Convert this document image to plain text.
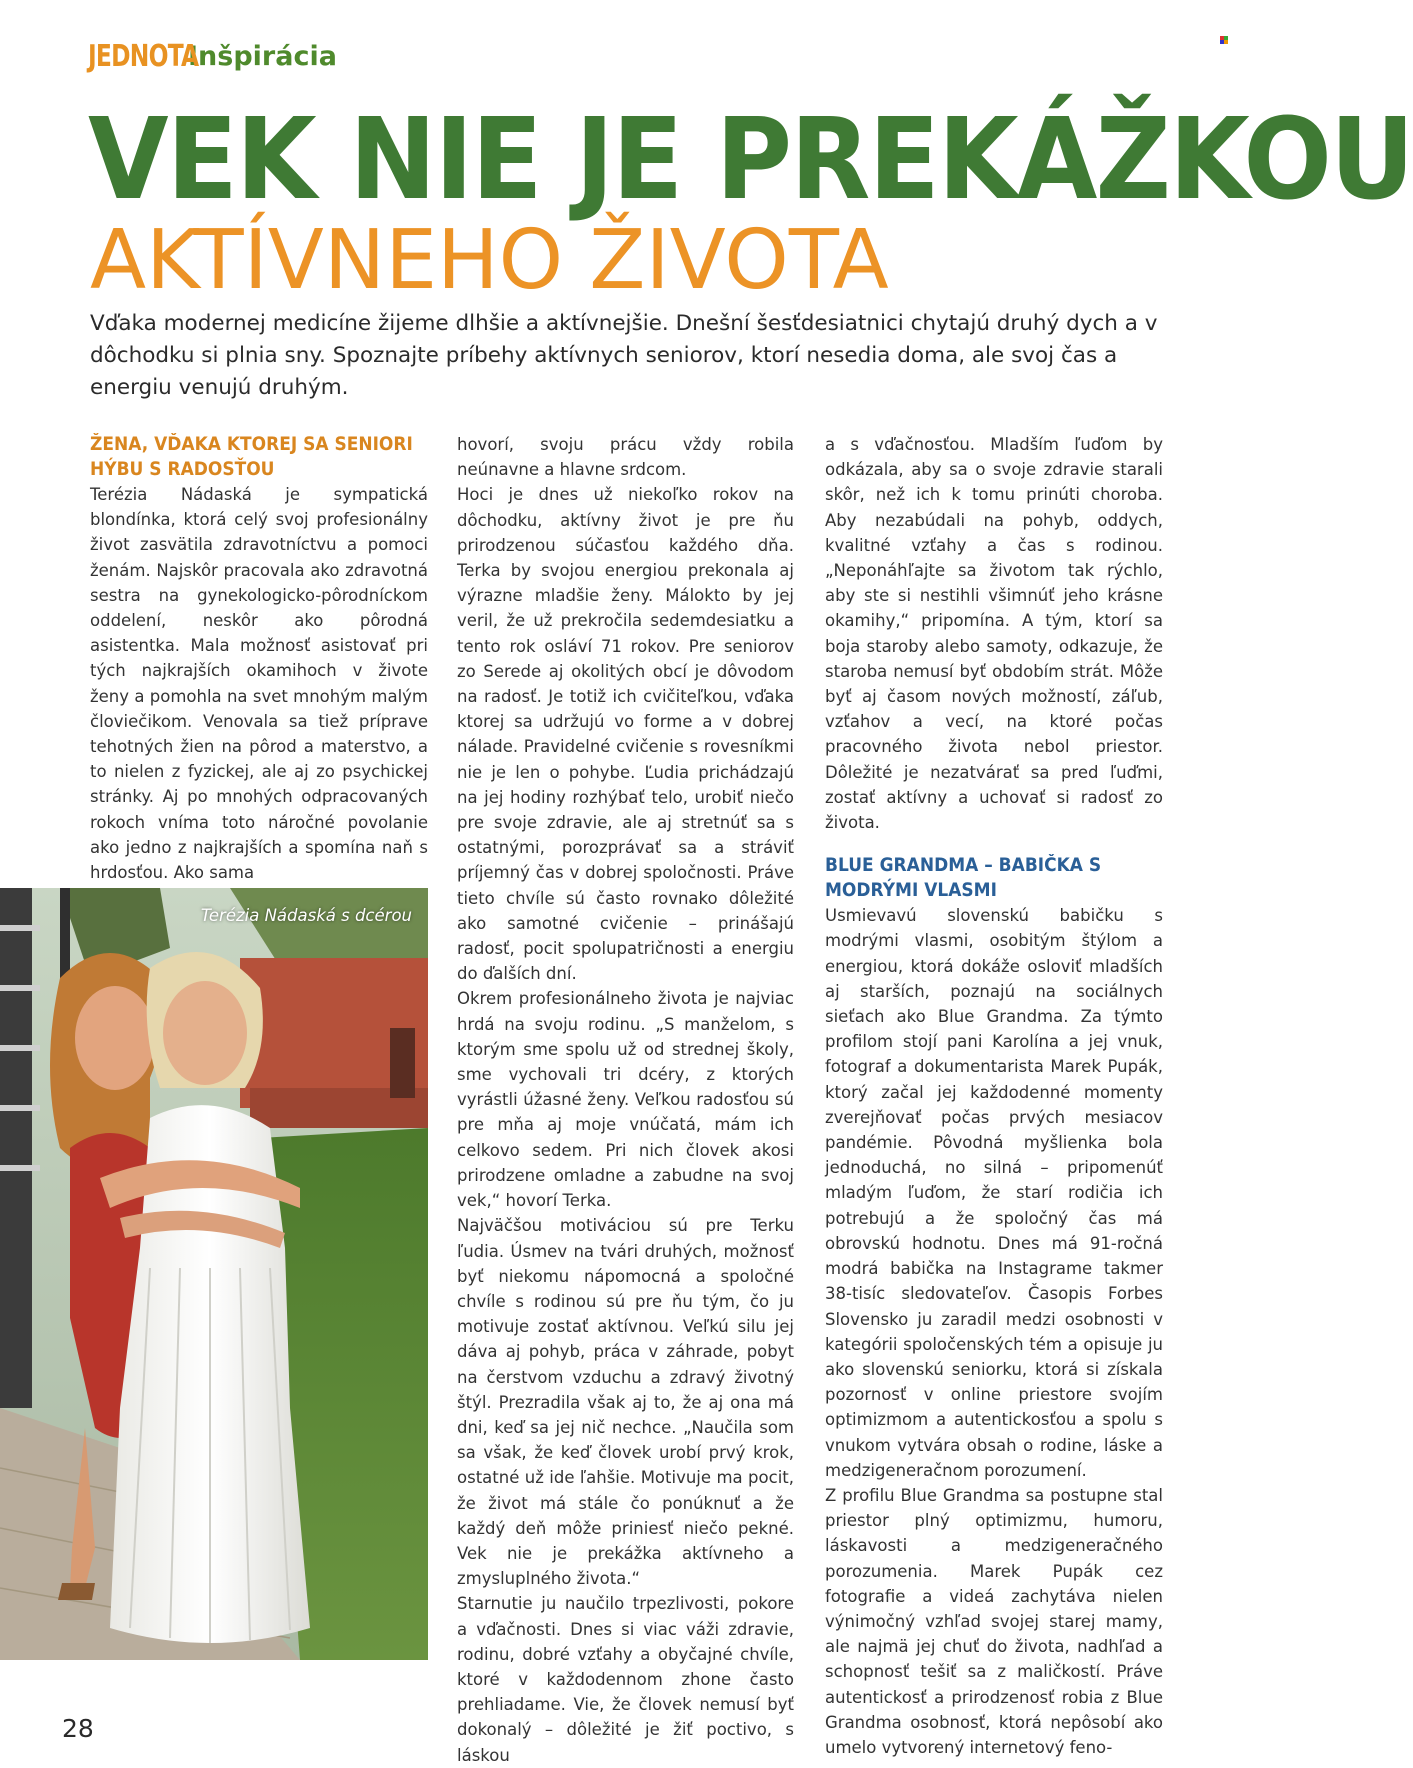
JEDNOTA
Inšpirácia
VEK NIE JE PREKÁŽKOU
AKTÍVNEHO ŽIVOTA

Vďaka modernej medicíne žijeme dlhšie a aktívnejšie. Dnešní šesťdesiatnici chytajú druhý dych a v dôchodku si plnia sny. Spoznajte príbehy aktívnych seniorov, ktorí nesedia doma, ale svoj čas a energiu venujú druhým.

ŽENA, VĎAKA KTOREJ SA SENIORI HÝBU S RADOSŤOU

Terézia Nádaská je sympatická blondínka, ktorá celý svoj profesionálny život zasvätila zdravotníctvu a pomoci ženám. Najskôr pracovala ako zdravotná sestra na gynekologicko-pôrodníckom oddelení, neskôr ako pôrodná asistentka. Mala možnosť asistovať pri tých najkrajších okamihoch v živote ženy a pomohla na svet mnohým malým človiečikom. Venovala sa tiež príprave tehotných žien na pôrod a materstvo, a to nielen z fyzickej, ale aj zo psychickej stránky. Aj po mnohých odpracovaných rokoch vníma toto náročné povolanie ako jedno z najkrajších a spomína naň s hrdosťou. Ako sama

Terézia Nádaská s dcérou

hovorí, svoju prácu vždy robila neúnavne a hlavne srdcom.

Hoci je dnes už niekoľko rokov na dôchodku, aktívny život je pre ňu prirodzenou súčasťou každého dňa. Terka by svojou energiou prekonala aj výrazne mladšie ženy. Málokto by jej veril, že už prekročila sedemdesiatku a tento rok osláví 71 rokov. Pre seniorov zo Serede aj okolitých obcí je dôvodom na radosť. Je totiž ich cvičiteľkou, vďaka ktorej sa udržujú vo forme a v dobrej nálade. Pravidelné cvičenie s rovesníkmi nie je len o pohybe. Ľudia prichádzajú na jej hodiny rozhýbať telo, urobiť niečo pre svoje zdravie, ale aj stretnúť sa s ostatnými, porozprávať sa a stráviť príjemný čas v dobrej spoločnosti. Práve tieto chvíle sú často rovnako dôležité ako samotné cvičenie – prinášajú radosť, pocit spolupatričnosti a energiu do ďalších dní.

Okrem profesionálneho života je najviac hrdá na svoju rodinu. „S manželom, s ktorým sme spolu už od strednej školy, sme vychovali tri dcéry, z ktorých vyrástli úžasné ženy. Veľkou radosťou sú pre mňa aj moje vnúčatá, mám ich celkovo sedem. Pri nich človek akosi prirodzene omladne a zabudne na svoj vek,“ hovorí Terka.

Najväčšou motiváciou sú pre Terku ľudia. Úsmev na tvári druhých, možnosť byť niekomu nápomocná a spoločné chvíle s rodinou sú pre ňu tým, čo ju motivuje zostať aktívnou. Veľkú silu jej dáva aj pohyb, práca v záhrade, pobyt na čerstvom vzduchu a zdravý životný štýl. Prezradila však aj to, že aj ona má dni, keď sa jej nič nechce. „Naučila som sa však, že keď človek urobí prvý krok, ostatné už ide ľahšie. Motivuje ma pocit, že život má stále čo ponúknuť a že každý deň môže priniesť niečo pekné. Vek nie je prekážka aktívneho a zmysluplného života.“

Starnutie ju naučilo trpezlivosti, pokore a vďačnosti. Dnes si viac váži zdravie, rodinu, dobré vzťahy a obyčajné chvíle, ktoré v každodennom zhone často prehliadame. Vie, že človek nemusí byť dokonalý – dôležité je žiť poctivo, s láskou

a s vďačnosťou. Mladším ľuďom by odkázala, aby sa o svoje zdravie starali skôr, než ich k tomu prinúti choroba. Aby nezabúdali na pohyb, oddych, kvalitné vzťahy a čas s rodinou. „Neponáhľajte sa životom tak rýchlo, aby ste si nestihli všimnúť jeho krásne okamihy,“ pripomína. A tým, ktorí sa boja staroby alebo samoty, odkazuje, že staroba nemusí byť obdobím strát. Môže byť aj časom nových možností, záľub, vzťahov a vecí, na ktoré počas pracovného života nebol priestor. Dôležité je nezatvárať sa pred ľuďmi, zostať aktívny a uchovať si radosť zo života.

BLUE GRANDMA – BABIČKA S MODRÝMI VLASMI

Usmievavú slovenskú babičku s modrými vlasmi, osobitým štýlom a energiou, ktorá dokáže osloviť mladších aj starších, poznajú na sociálnych sieťach ako Blue Grandma. Za týmto profilom stojí pani Karolína a jej vnuk, fotograf a dokumentarista Marek Pupák, ktorý začal jej každodenné momenty zverejňovať počas prvých mesiacov pandémie. Pôvodná myšlienka bola jednoduchá, no silná – pripomenúť mladým ľuďom, že starí rodičia ich potrebujú a že spoločný čas má obrovskú hodnotu. Dnes má 91-ročná modrá babička na Instagrame takmer 38-tisíc sledovateľov. Časopis Forbes Slovensko ju zaradil medzi osobnosti v kategórii spoločenských tém a opisuje ju ako slovenskú seniorku, ktorá si získala pozornosť v online priestore svojím optimizmom a autentickosťou a spolu s vnukom vytvára obsah o rodine, láske a medzigeneračnom porozumení.

Z profilu Blue Grandma sa postupne stal priestor plný optimizmu, humoru, láskavosti a medzigeneračného porozumenia. Marek Pupák cez fotografie a videá zachytáva nielen výnimočný vzhľad svojej starej mamy, ale najmä jej chuť do života, nadhľad a schopnosť tešiť sa z maličkostí. Práve autentickosť a prirodzenosť robia z Blue Grandma osobnosť, ktorá nepôsobí ako umelo vytvorený internetový feno-

28
